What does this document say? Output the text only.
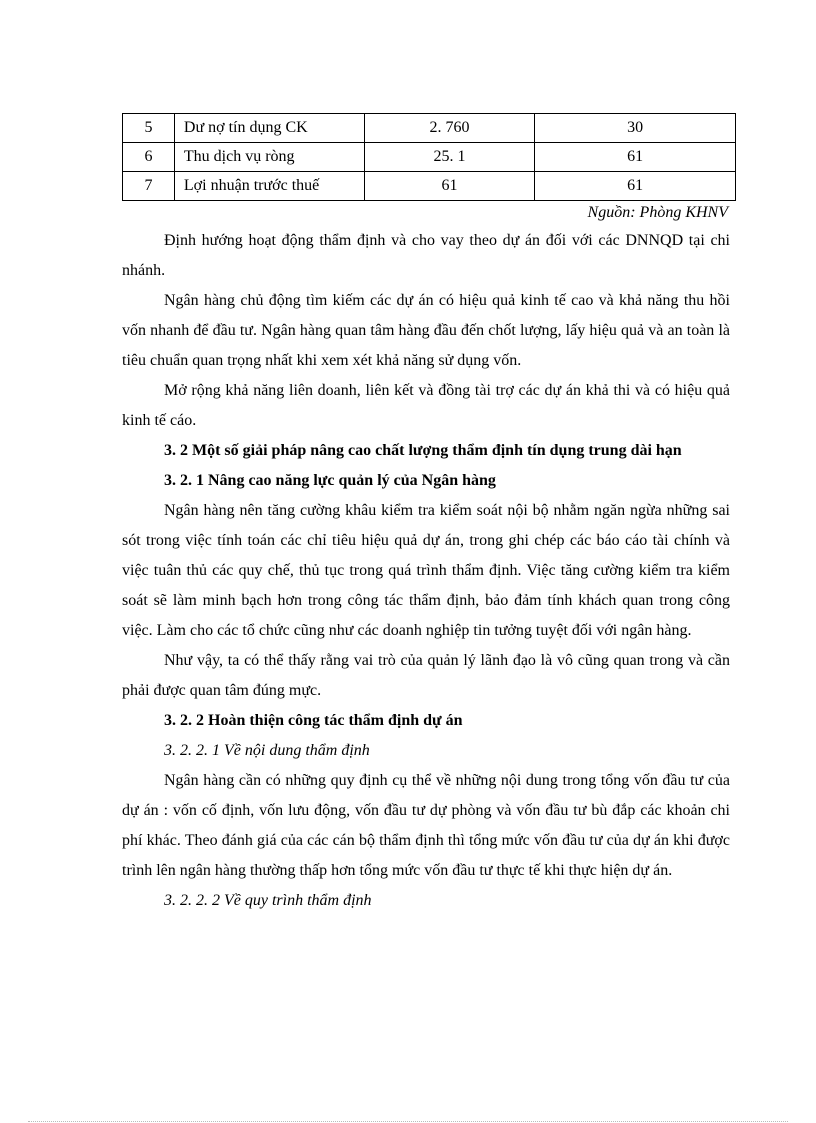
5	Dư nợ tín dụng CK	2. 760	30
6	Thu dịch vụ ròng	25. 1	61
7	Lợi nhuận trước thuế	61	61
Nguồn: Phòng KHNV

Định hướng hoạt động thẩm định và cho vay theo dự án đối với các DNNQD tại chi nhánh.

Ngân hàng chủ động tìm kiếm các dự án có hiệu quả kinh tế cao và khả năng thu hồi vốn nhanh để đầu tư. Ngân hàng quan tâm hàng đầu đến chốt lượng, lấy hiệu quả và an toàn là tiêu chuẩn quan trọng nhất khi xem xét khả năng sử dụng vốn.

Mở rộng khả năng liên doanh, liên kết và đồng tài trợ các dự án khả thi và có hiệu quả kinh tế cáo.

3. 2 Một số giải pháp nâng cao chất lượng thẩm định tín dụng trung dài hạn

3. 2. 1 Nâng cao năng lực quản lý của Ngân hàng

Ngân hàng nên tăng cường khâu kiểm tra kiểm soát nội bộ nhằm ngăn ngừa những sai sót trong việc tính toán các chỉ tiêu hiệu quả dự án, trong ghi chép các báo cáo tài chính và việc tuân thủ các quy chế, thủ tục trong quá trình thẩm định. Việc tăng cường kiểm tra kiểm soát sẽ làm minh bạch hơn trong công tác thẩm định, bảo đảm tính khách quan trong công việc. Làm cho các tổ chức cũng như các doanh nghiệp tin tưởng tuyệt đối với ngân hàng.

Như vậy, ta có thể thấy rằng vai trò của quản lý lãnh đạo là vô cũng quan trong và cần phải được quan tâm đúng mực.

3. 2. 2 Hoàn thiện công tác thẩm định dự án

3. 2. 2. 1 Về nội dung thẩm định

Ngân hàng cần có những quy định cụ thể về những nội dung trong tổng vốn đầu tư của dự án : vốn cố định, vốn lưu động, vốn đầu tư dự phòng và vốn đầu tư bù đắp các khoản chi phí khác. Theo đánh giá của các cán bộ thẩm định thì tổng mức vốn đầu tư của dự án khi được trình lên ngân hàng thường thấp hơn tổng mức vốn đầu tư thực tế khi thực hiện dự án.

3. 2. 2. 2 Về quy trình thẩm định
